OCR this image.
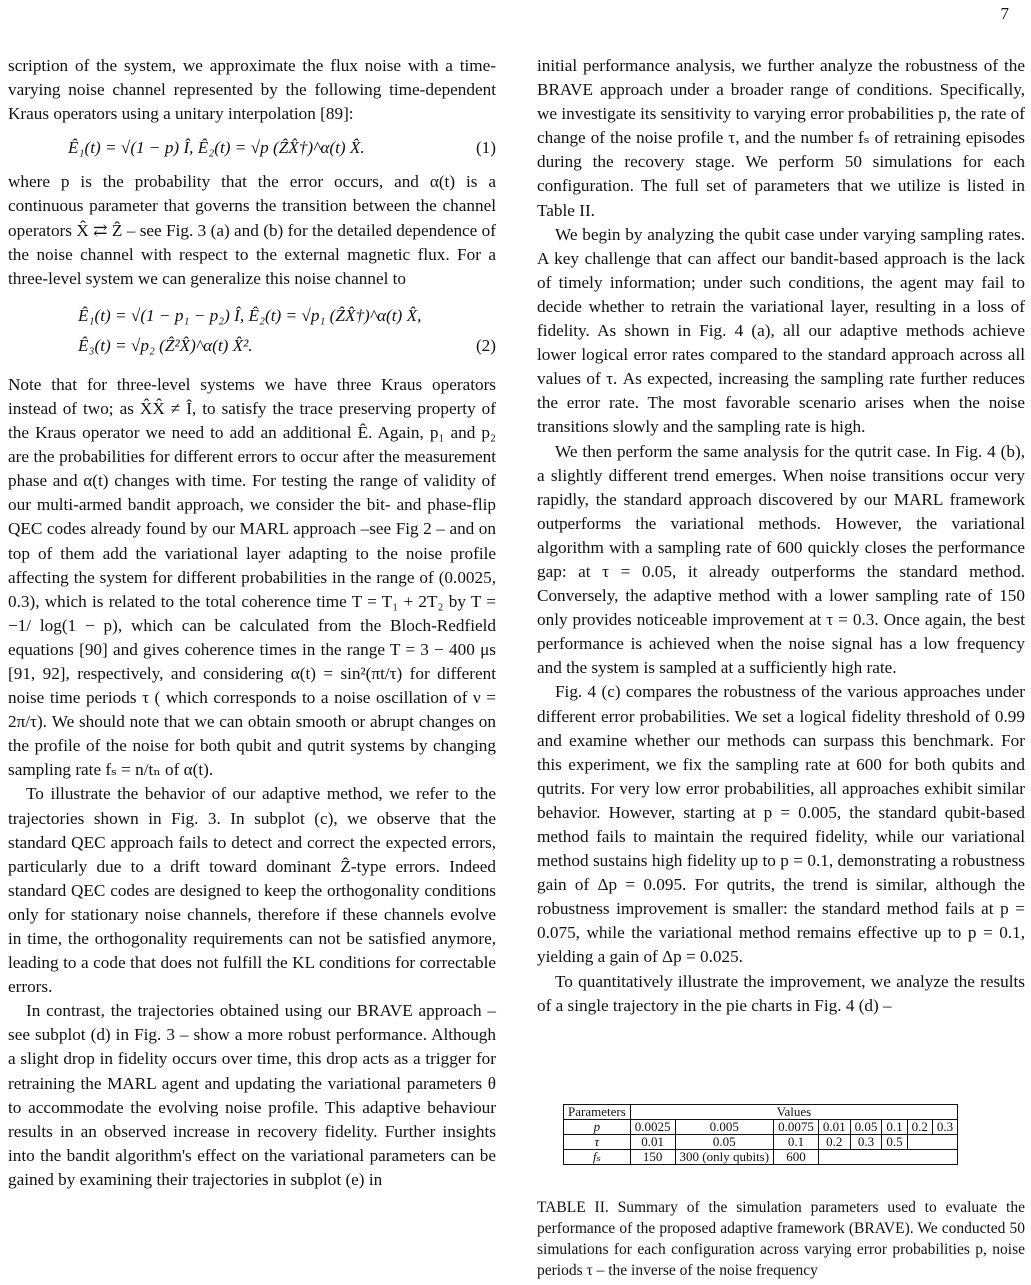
7

scription of the system, we approximate the flux noise with a time-varying noise channel represented by the following time-dependent Kraus operators using a unitary interpolation [89]:

Ê₁(t) = √(1 − p) Î, Ê₂(t) = √p (ẐX̂†)^α(t) X̂.	(1)

where p is the probability that the error occurs, and α(t) is a continuous parameter that governs the transition between the channel operators X̂ ⇄ Ẑ – see Fig. 3 (a) and (b) for the detailed dependence of the noise channel with respect to the external magnetic flux. For a three-level system we can generalize this noise channel to

Ê₁(t) = √(1 − p₁ − p₂) Î, Ê₂(t) = √p₁ (ẐX̂†)^α(t) X̂,
Ê₃(t) = √p₂ (Ẑ²X̂)^α(t) X̂².	(2)

Note that for three-level systems we have three Kraus operators instead of two; as X̂X̂ ≠ Î, to satisfy the trace preserving property of the Kraus operator we need to add an additional Ê. Again, p₁ and p₂ are the probabilities for different errors to occur after the measurement phase and α(t) changes with time. For testing the range of validity of our multi-armed bandit approach, we consider the bit- and phase-flip QEC codes already found by our MARL approach –see Fig 2 – and on top of them add the variational layer adapting to the noise profile affecting the system for different probabilities in the range of (0.0025, 0.3), which is related to the total coherence time T = T₁ + 2T₂ by T = −1/ log(1 − p), which can be calculated from the Bloch-Redfield equations [90] and gives coherence times in the range T = 3 − 400 μs [91, 92], respectively, and considering α(t) = sin²(πt/τ) for different noise time periods τ ( which corresponds to a noise oscillation of ν = 2π/τ). We should note that we can obtain smooth or abrupt changes on the profile of the noise for both qubit and qutrit systems by changing sampling rate fₛ = n/tₙ of α(t).

To illustrate the behavior of our adaptive method, we refer to the trajectories shown in Fig. 3. In subplot (c), we observe that the standard QEC approach fails to detect and correct the expected errors, particularly due to a drift toward dominant Ẑ-type errors. Indeed standard QEC codes are designed to keep the orthogonality conditions only for stationary noise channels, therefore if these channels evolve in time, the orthogonality requirements can not be satisfied anymore, leading to a code that does not fulfill the KL conditions for correctable errors.

In contrast, the trajectories obtained using our BRAVE approach – see subplot (d) in Fig. 3 – show a more robust performance. Although a slight drop in fidelity occurs over time, this drop acts as a trigger for retraining the MARL agent and updating the variational parameters θ to accommodate the evolving noise profile. This adaptive behaviour results in an observed increase in recovery fidelity. Further insights into the bandit algorithm's effect on the variational parameters can be gained by examining their trajectories in subplot (e) in

initial performance analysis, we further analyze the robustness of the BRAVE approach under a broader range of conditions. Specifically, we investigate its sensitivity to varying error probabilities p, the rate of change of the noise profile τ, and the number fₛ of retraining episodes during the recovery stage. We perform 50 simulations for each configuration. The full set of parameters that we utilize is listed in Table II.

We begin by analyzing the qubit case under varying sampling rates. A key challenge that can affect our bandit-based approach is the lack of timely information; under such conditions, the agent may fail to decide whether to retrain the variational layer, resulting in a loss of fidelity. As shown in Fig. 4 (a), all our adaptive methods achieve lower logical error rates compared to the standard approach across all values of τ. As expected, increasing the sampling rate further reduces the error rate. The most favorable scenario arises when the noise transitions slowly and the sampling rate is high.

We then perform the same analysis for the qutrit case. In Fig. 4 (b), a slightly different trend emerges. When noise transitions occur very rapidly, the standard approach discovered by our MARL framework outperforms the variational methods. However, the variational algorithm with a sampling rate of 600 quickly closes the performance gap: at τ = 0.05, it already outperforms the standard method. Conversely, the adaptive method with a lower sampling rate of 150 only provides noticeable improvement at τ = 0.3. Once again, the best performance is achieved when the noise signal has a low frequency and the system is sampled at a sufficiently high rate.

Fig. 4 (c) compares the robustness of the various approaches under different error probabilities. We set a logical fidelity threshold of 0.99 and examine whether our methods can surpass this benchmark. For this experiment, we fix the sampling rate at 600 for both qubits and qutrits. For very low error probabilities, all approaches exhibit similar behavior. However, starting at p = 0.005, the standard qubit-based method fails to maintain the required fidelity, while our variational method sustains high fidelity up to p = 0.1, demonstrating a robustness gain of Δp = 0.095. For qutrits, the trend is similar, although the robustness improvement is smaller: the standard method fails at p = 0.075, while the variational method remains effective up to p = 0.1, yielding a gain of Δp = 0.025.

To quantitatively illustrate the improvement, we analyze the results of a single trajectory in the pie charts in Fig. 4 (d) –

Parameters	Values							
p	0.0025	0.005	0.0075	0.01	0.05	0.1	0.2	0.3
τ	0.01	0.05	0.1	0.2	0.3	0.5		
fₛ	150	300 (only qubits)	600					
TABLE II. Summary of the simulation parameters used to evaluate the performance of the proposed adaptive framework (BRAVE). We conducted 50 simulations for each configuration across varying error probabilities p, noise periods τ – the inverse of the noise frequency
